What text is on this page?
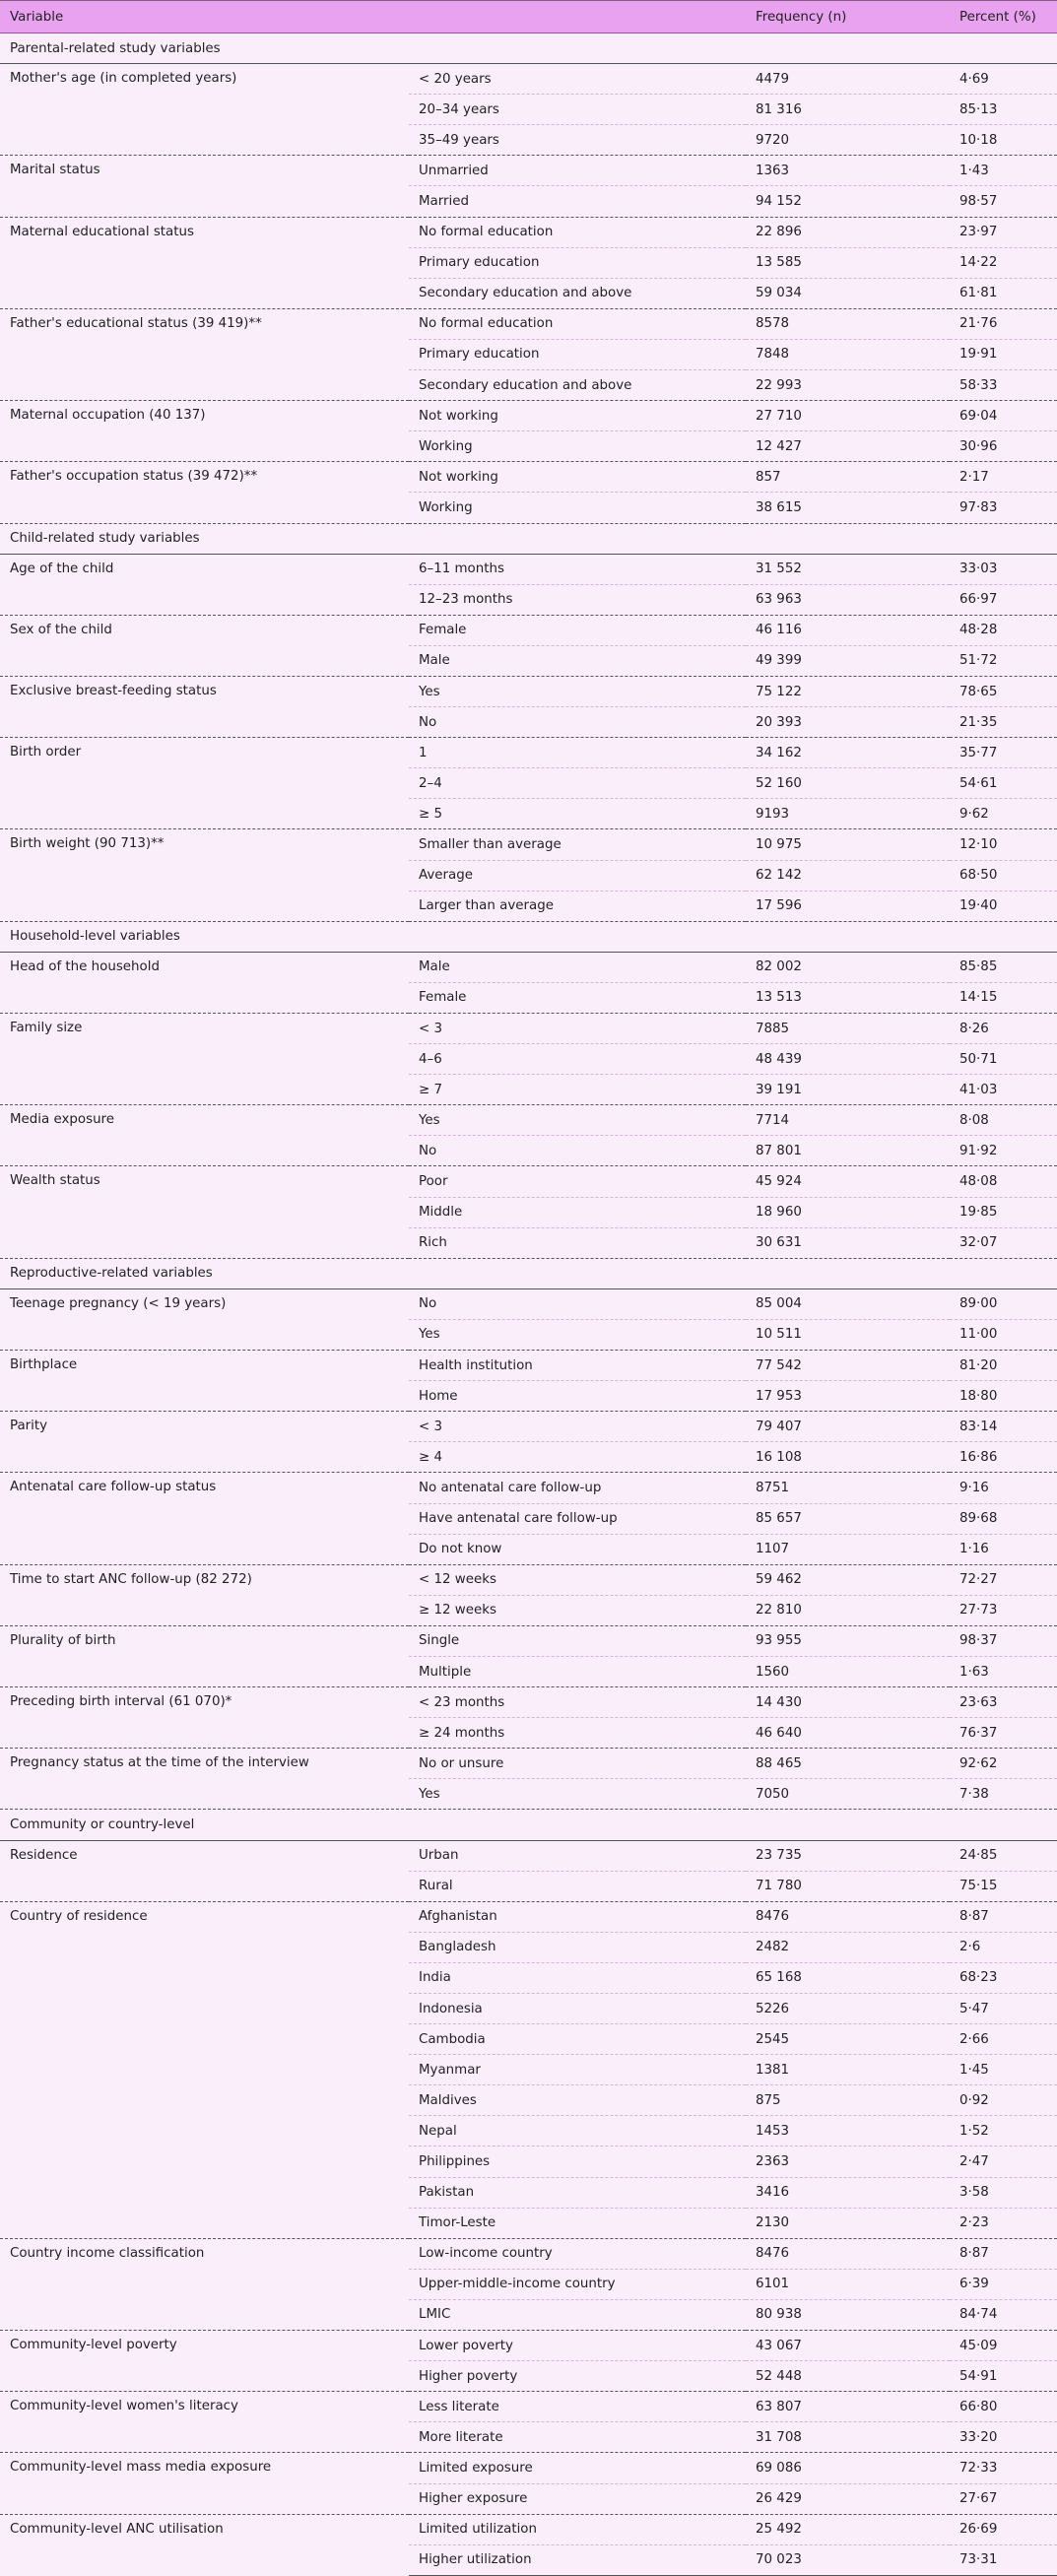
Variable		Frequency (n)	Percent (%)
Parental-related study variables			
Mother's age (in completed years)	< 20 years	4479	4·69
	20–34 years	81 316	85·13
	35–49 years	9720	10·18
Marital status	Unmarried	1363	1·43
	Married	94 152	98·57
Maternal educational status	No formal education	22 896	23·97
	Primary education	13 585	14·22
	Secondary education and above	59 034	61·81
Father's educational status (39 419)**	No formal education	8578	21·76
	Primary education	7848	19·91
	Secondary education and above	22 993	58·33
Maternal occupation (40 137)	Not working	27 710	69·04
	Working	12 427	30·96
Father's occupation status (39 472)**	Not working	857	2·17
	Working	38 615	97·83
Child-related study variables			
Age of the child	6–11 months	31 552	33·03
	12–23 months	63 963	66·97
Sex of the child	Female	46 116	48·28
	Male	49 399	51·72
Exclusive breast-feeding status	Yes	75 122	78·65
	No	20 393	21·35
Birth order	1	34 162	35·77
	2–4	52 160	54·61
	≥ 5	9193	9·62
Birth weight (90 713)**	Smaller than average	10 975	12·10
	Average	62 142	68·50
	Larger than average	17 596	19·40
Household-level variables			
Head of the household	Male	82 002	85·85
	Female	13 513	14·15
Family size	< 3	7885	8·26
	4–6	48 439	50·71
	≥ 7	39 191	41·03
Media exposure	Yes	7714	8·08
	No	87 801	91·92
Wealth status	Poor	45 924	48·08
	Middle	18 960	19·85
	Rich	30 631	32·07
Reproductive-related variables			
Teenage pregnancy (< 19 years)	No	85 004	89·00
	Yes	10 511	11·00
Birthplace	Health institution	77 542	81·20
	Home	17 953	18·80
Parity	< 3	79 407	83·14
	≥ 4	16 108	16·86
Antenatal care follow-up status	No antenatal care follow-up	8751	9·16
	Have antenatal care follow-up	85 657	89·68
	Do not know	1107	1·16
Time to start ANC follow-up (82 272)	< 12 weeks	59 462	72·27
	≥ 12 weeks	22 810	27·73
Plurality of birth	Single	93 955	98·37
	Multiple	1560	1·63
Preceding birth interval (61 070)*	< 23 months	14 430	23·63
	≥ 24 months	46 640	76·37
Pregnancy status at the time of the interview	No or unsure	88 465	92·62
	Yes	7050	7·38
Community or country-level			
Residence	Urban	23 735	24·85
	Rural	71 780	75·15
Country of residence	Afghanistan	8476	8·87
	Bangladesh	2482	2·6
	India	65 168	68·23
	Indonesia	5226	5·47
	Cambodia	2545	2·66
	Myanmar	1381	1·45
	Maldives	875	0·92
	Nepal	1453	1·52
	Philippines	2363	2·47
	Pakistan	3416	3·58
	Timor-Leste	2130	2·23
Country income classification	Low-income country	8476	8·87
	Upper-middle-income country	6101	6·39
	LMIC	80 938	84·74
Community-level poverty	Lower poverty	43 067	45·09
	Higher poverty	52 448	54·91
Community-level women's literacy	Less literate	63 807	66·80
	More literate	31 708	33·20
Community-level mass media exposure	Limited exposure	69 086	72·33
	Higher exposure	26 429	27·67
Community-level ANC utilisation	Limited utilization	25 492	26·69
	Higher utilization	70 023	73·31
